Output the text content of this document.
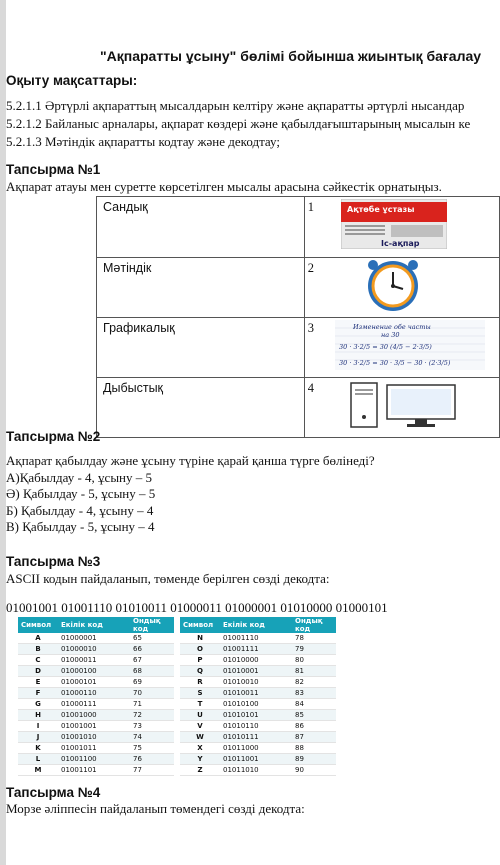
"Ақпаратты ұсыну" бөлімі бойынша жиынтық бағалау
Оқыту мақсаттары:
5.2.1.1 Әртүрлі ақпараттың мысалдарын келтіру және ақпаратты әртүрлі нысандар
5.2.1.2 Байланыс арналары, ақпарат көздері және қабылдағыштарының мысалын ке
5.2.1.3 Мәтіндік ақпаратты кодтау және декодтау;
Тапсырма №1
Ақпарат атауы мен суретте көрсетілген мысалы арасына сәйкестік орнатыңыз.
Сандық	1	Ақтөбе ұстазы
Іс-ақпар

Мәтіндік	2	

Графикалық	3	Изменение обе часты
на 30
30 · 3·2/5 = 30 (4/5 − 2·3/5)
30 · 3·2/5 = 30 · 3/5 − 30 · (2·3/5)

Дыбыстық	4	
Тапсырма №2
Ақпарат қабылдау және ұсыну түріне қарай қанша түрге бөлінеді?
А)Қабылдау - 4, ұсыну – 5
Ә) Қабылдау - 5, ұсыну – 5
Б) Қабылдау - 4, ұсыну – 4
В) Қабылдау - 5, ұсыну – 4
Тапсырма №3
ASCII кодын пайдаланып, төменде берілген сөзді декодта:
01001001 01001110 01010011 01000011 01000001 01010000 01000101
Символ	Екілік код	Ондық код		Символ	Екілік код	Ондық код
A	01000001	65		N	01001110	78
B	01000010	66		O	01001111	79
C	01000011	67		P	01010000	80
D	01000100	68		Q	01010001	81
E	01000101	69		R	01010010	82
F	01000110	70		S	01010011	83
G	01000111	71		T	01010100	84
H	01001000	72		U	01010101	85
I	01001001	73		V	01010110	86
J	01001010	74		W	01010111	87
K	01001011	75		X	01011000	88
L	01001100	76		Y	01011001	89
M	01001101	77		Z	01011010	90
Тапсырма №4
Морзе әліппесін пайдаланып төмендегі сөзді декодта:
